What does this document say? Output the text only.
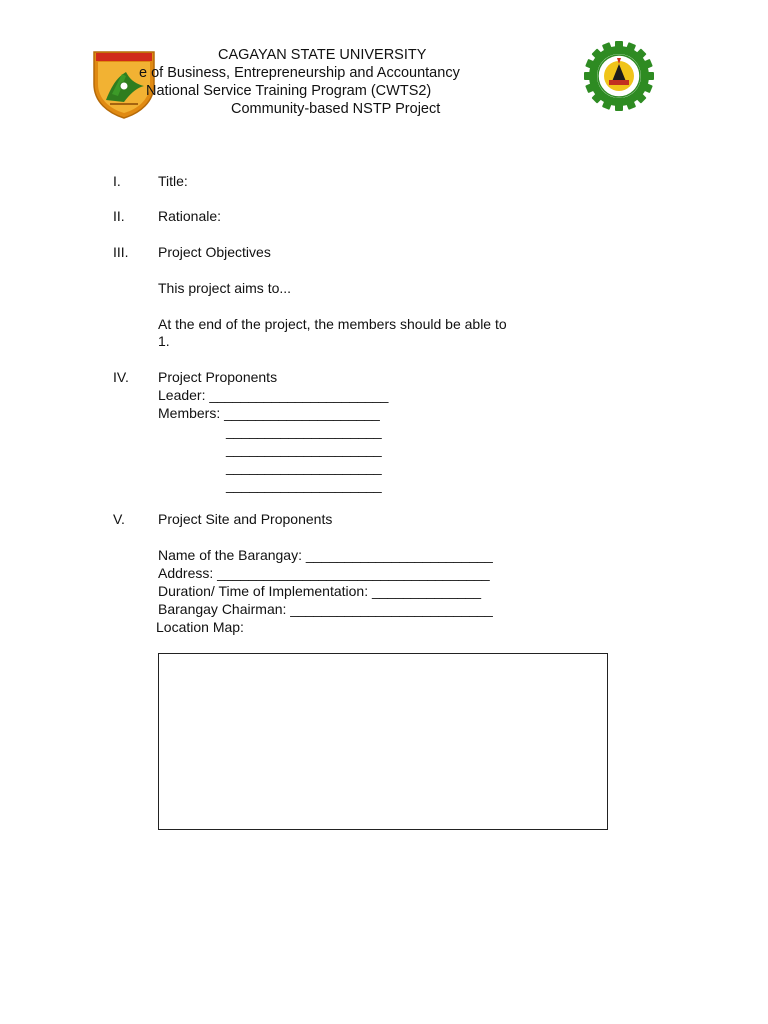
CAGAYAN STATE UNIVERSITY
e of Business, Entrepreneurship and Accountancy
National Service Training Program (CWTS2)
Community-based NSTP Project
I.	Title:
II. Rationale:
III. Project Objectives
This project aims to...
At the end of the project, the members should be able to
1.
IV. Project Proponents
Leader: _______________________
Members: ____________________
____________________
____________________
____________________
____________________
V. Project Site and Proponents
Name of the Barangay: ________________________
Address: ___________________________________
Duration/ Time of Implementation: ______________
Barangay Chairman: __________________________
Location Map:
